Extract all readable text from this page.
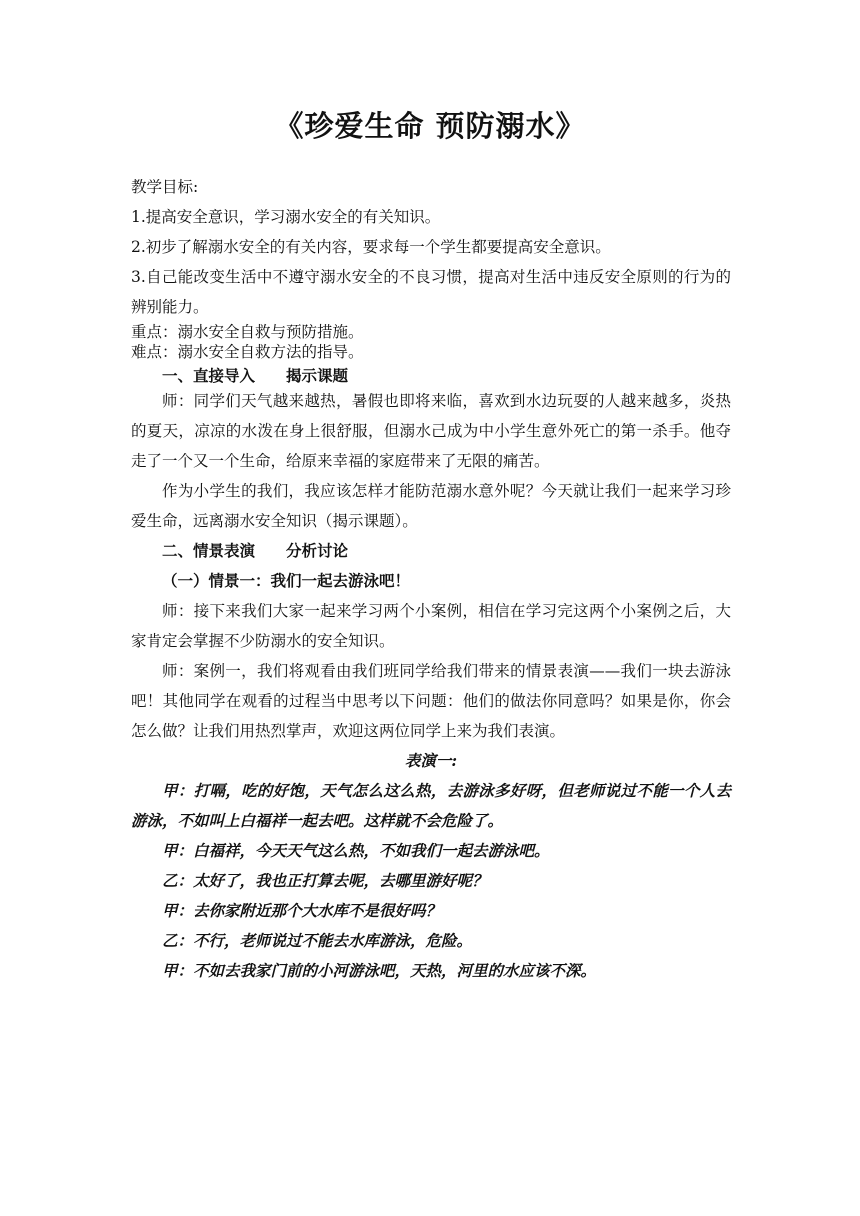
《珍爱生命 预防溺水》

教学目标:

1.提高安全意识，学习溺水安全的有关知识。

2.初步了解溺水安全的有关内容，要求每一个学生都要提高安全意识。

3.自己能改变生活中不遵守溺水安全的不良习惯，提高对生活中违反安全原则的行为的辨别能力。

重点：溺水安全自救与预防措施。

难点：溺水安全自救方法的指导。

一、直接导入　　揭示课题

师：同学们天气越来越热，暑假也即将来临，喜欢到水边玩耍的人越来越多，炎热的夏天，凉凉的水泼在身上很舒服，但溺水己成为中小学生意外死亡的第一杀手。他夺走了一个又一个生命，给原来幸福的家庭带来了无限的痛苦。

作为小学生的我们，我应该怎样才能防范溺水意外呢？今天就让我们一起来学习珍爱生命，远离溺水安全知识（揭示课题）。

二、情景表演　　分析讨论

（一）情景一：我们一起去游泳吧！

师：接下来我们大家一起来学习两个小案例，相信在学习完这两个小案例之后，大家肯定会掌握不少防溺水的安全知识。

师：案例一，我们将观看由我们班同学给我们带来的情景表演——我们一块去游泳吧！其他同学在观看的过程当中思考以下问题：他们的做法你同意吗？如果是你，你会怎么做？让我们用热烈掌声，欢迎这两位同学上来为我们表演。

表演一:

甲：打嗝，吃的好饱，天气怎么这么热，去游泳多好呀，但老师说过不能一个人去游泳，不如叫上白福祥一起去吧。这样就不会危险了。

甲：白福祥，今天天气这么热，不如我们一起去游泳吧。

乙：太好了，我也正打算去呢，去哪里游好呢？

甲：去你家附近那个大水库不是很好吗？

乙：不行，老师说过不能去水库游泳，危险。

甲：不如去我家门前的小河游泳吧，天热，河里的水应该不深。
